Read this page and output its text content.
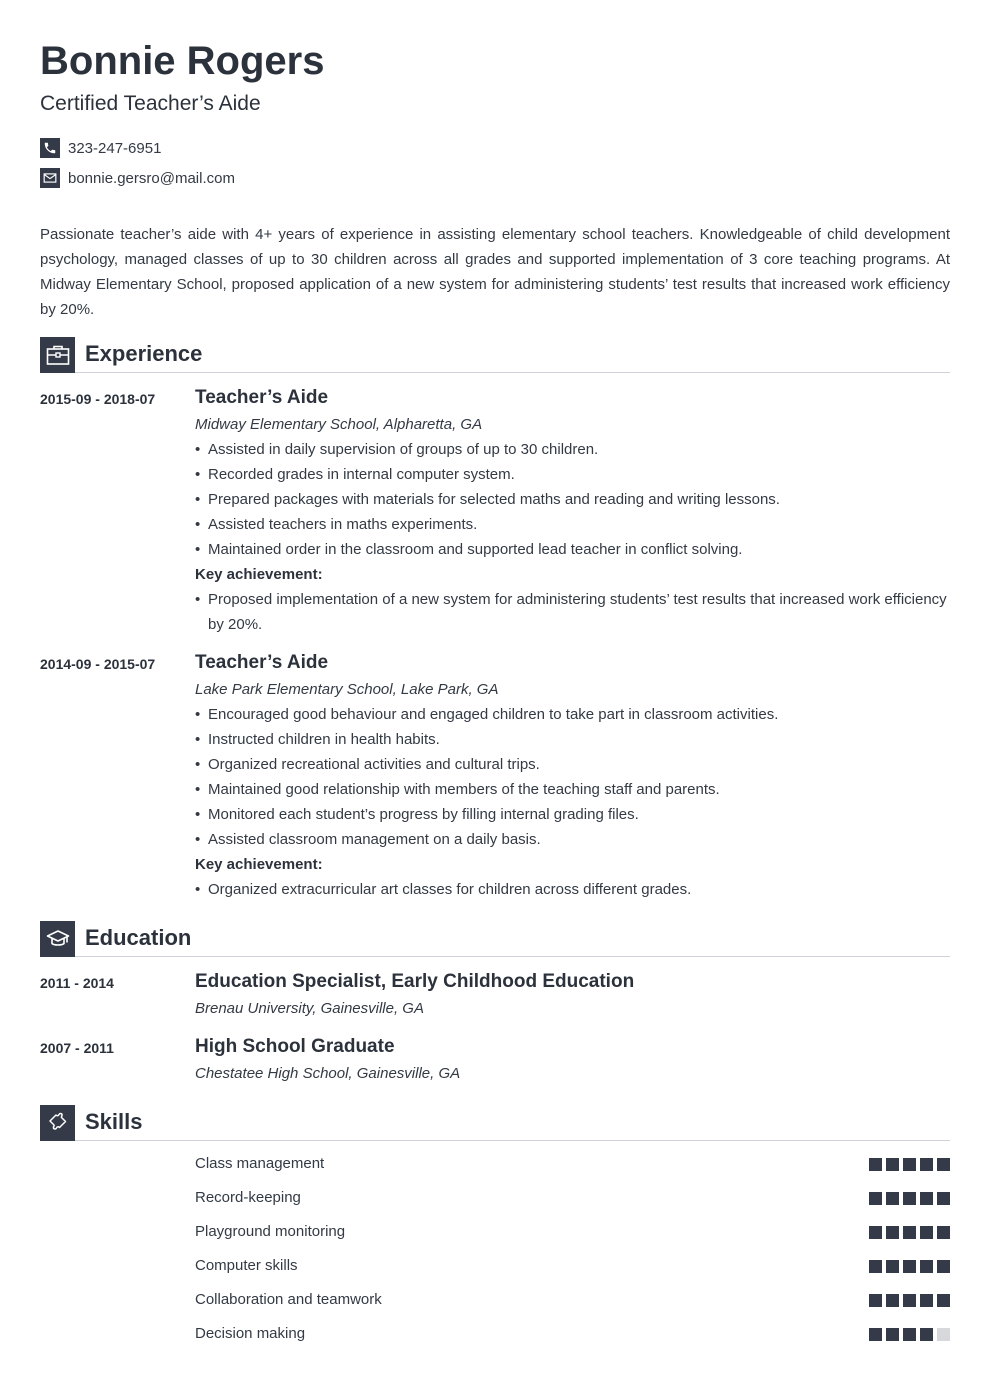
Bonnie Rogers
Certified Teacher’s Aide
323-247-6951
bonnie.gersro@mail.com

Passionate teacher’s aide with 4+ years of experience in assisting elementary school teachers. Knowledgeable of child development psychology, managed classes of up to 30 children across all grades and supported implementation of 3 core teaching programs. At Midway Elementary School, proposed application of a new system for administering students’ test results that increased work efficiency by 20%.

Experience
2015-09 - 2018-07 Teacher’s Aide
Midway Elementary School, Alpharetta, GA
• Assisted in daily supervision of groups of up to 30 children.
• Recorded grades in internal computer system.
• Prepared packages with materials for selected maths and reading and writing lessons.
• Assisted teachers in maths experiments.
• Maintained order in the classroom and supported lead teacher in conflict solving.
Key achievement:
• Proposed implementation of a new system for administering students’ test results that increased work efficiency by 20%.
2014-09 - 2015-07 Teacher’s Aide
Lake Park Elementary School, Lake Park, GA
• Encouraged good behaviour and engaged children to take part in classroom activities.
• Instructed children in health habits.
• Organized recreational activities and cultural trips.
• Maintained good relationship with members of the teaching staff and parents.
• Monitored each student’s progress by filling internal grading files.
• Assisted classroom management on a daily basis.
Key achievement:
• Organized extracurricular art classes for children across different grades.
Education
2011 - 2014	Education Specialist, Early Childhood Education
Brenau University, Gainesville, GA
2007 - 2011	High School Graduate
Chestatee High School, Gainesville, GA
Skills
Class management
Record-keeping
Playground monitoring
Computer skills
Collaboration and teamwork
Decision making
